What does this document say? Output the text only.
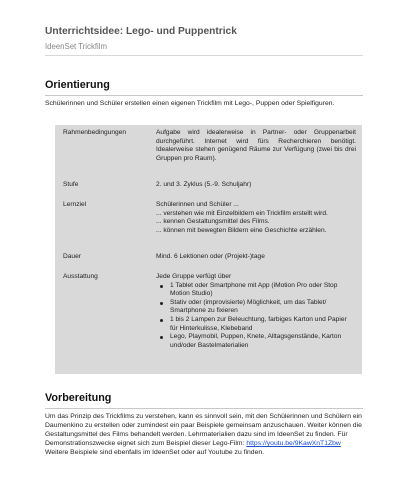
Unterrichtsidee: Lego- und Puppentrick
IdeenSet Trickfilm
Orientierung
Schülerinnen und Schüler erstellen einen eigenen Trickfilm mit Lego-, Puppen oder Spielfiguren.
Rahmenbedingungen	Aufgabe wird idealerweise in Partner- oder Gruppenarbeit durchgeführt. Internet wird fürs Recherchieren benötigt. Idealerweise stehen genügend Räume zur Verfügung (zwei bis drei Gruppen pro Raum).
Stufe	2. und 3. Zyklus (5.-9. Schuljahr)
Lernziel	Schülerinnen und Schüler ...
... verstehen wie mit Einzelbildern ein Trickfilm erstellt wird.
... kennen Gestaltungsmittel des Films.
... können mit bewegten Bildern eine Geschichte erzählen.
Dauer	Mind. 6 Lektionen oder (Projekt-)tage
Ausstattung	Jede Gruppe verfügt über
1 Tablet oder Smartphone mit App (iMotion Pro oder Stop Motion Studio)
Stativ oder (improvisierte) Möglichkeit, um das Tablet/ Smartphone zu fixieren
1 bis 2 Lampen zur Beleuchtung, farbiges Karton und Papier für Hinterkulisse, Klebeband
Lego, Playmobil, Puppen, Knete, Alltagsgenstände, Karton und/oder Bastelmaterialien
Vorbereitung
Um das Prinzip des Trickfilms zu verstehen, kann es sinnvoll sein, mit den Schülerinnen und Schülern ein Daumenkino zu erstellen oder zumindest ein paar Beispiele gemeinsam anzuschauen. Weiter können die Gestaltungsmittel des Films behandelt werden. Lehrmaterialien dazu sind im IdeenSet zu finden. Für Demonstrationszwecke eignet sich zum Beispiel dieser Lego-Film: https://youtu.be/9KawXnT1Zbw Weitere Beispiele sind ebenfalls im IdeenSet oder auf Youtube zu finden.
